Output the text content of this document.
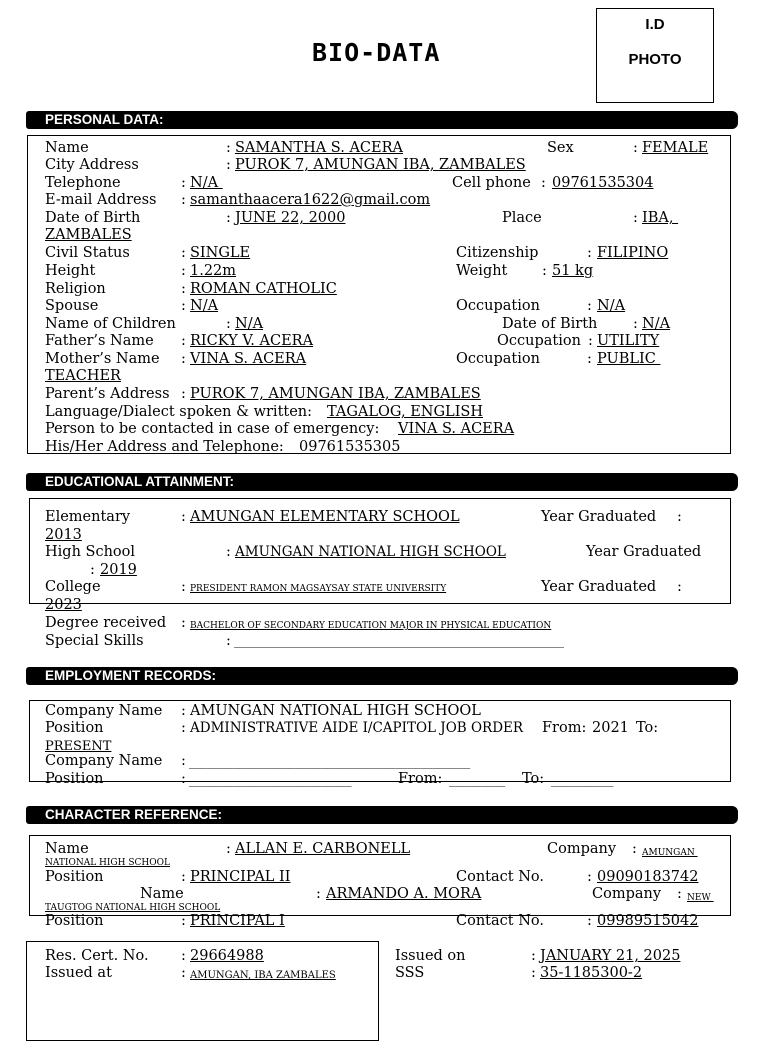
BIO-DATA
I.D
PHOTO
PERSONAL DATA:
Name	: SAMANTHA S. ACERA	Sex	: FEMALE
City Address	: PUROK 7, AMUNGAN IBA, ZAMBALES
Telephone	: N/A	Cell phone : 09761535304
E-mail Address : samanthaacera1622@gmail.com
Date of Birth	: JUNE 22, 2000	Place	: IBA,
ZAMBALES
Civil Status	: SINGLE	Citizenship	: FILIPINO
Height	: 1.22m	Weight : 51 kg
Religion	: ROMAN CATHOLIC
Spouse	: N/A	Occupation	: N/A
Name of Children	: N/A	Date of Birth : N/A
Father’s Name : RICKY V. ACERA	Occupation : UTILITY
Mother’s Name : VINA S. ACERA	Occupation	: PUBLIC
TEACHER
Parent’s Address : PUROK 7, AMUNGAN IBA, ZAMBALES
Language/Dialect spoken & written: TAGALOG, ENGLISH
Person to be contacted in case of emergency: VINA S. ACERA
His/Her Address and Telephone: 09761535305
EDUCATIONAL ATTAINMENT:
Elementary	: AMUNGAN ELEMENTARY SCHOOL	Year Graduated :
2013
High School	: AMUNGAN NATIONAL HIGH SCHOOL	Year Graduated
: 2019
College	: PRESIDENT RAMON MAGSAYSAY STATE UNIVERSITY	Year Graduated :
2023
Degree received : BACHELOR OF SECONDARY EDUCATION MAJOR IN PHYSICAL EDUCATION
Special Skills	: _______________________________________________________
EMPLOYMENT RECORDS:
Company Name : AMUNGAN NATIONAL HIGH SCHOOL
Position	: ADMINISTRATIVE AIDE I/CAPITOL JOB ORDER From: 2021 To:
PRESENT
Company Name : _____________________________________________
Position	: __________________________	From: _________ To: __________
CHARACTER REFERENCE:
Name	: ALLAN E. CARBONELL	Company : AMUNGAN
NATIONAL HIGH SCHOOL
Position	: PRINCIPAL II	Contact No.	: 09090183742
Name	: ARMANDO A. MORA	Company : NEW
TAUGTOG NATIONAL HIGH SCHOOL
Position	: PRINCIPAL I	Contact No.	: 09989515042
Res. Cert. No. : 29664988
Issued at	: AMUNGAN, IBA ZAMBALES
Issued on	: JANUARY 21, 2025
SSS	: 35-1185300-2
